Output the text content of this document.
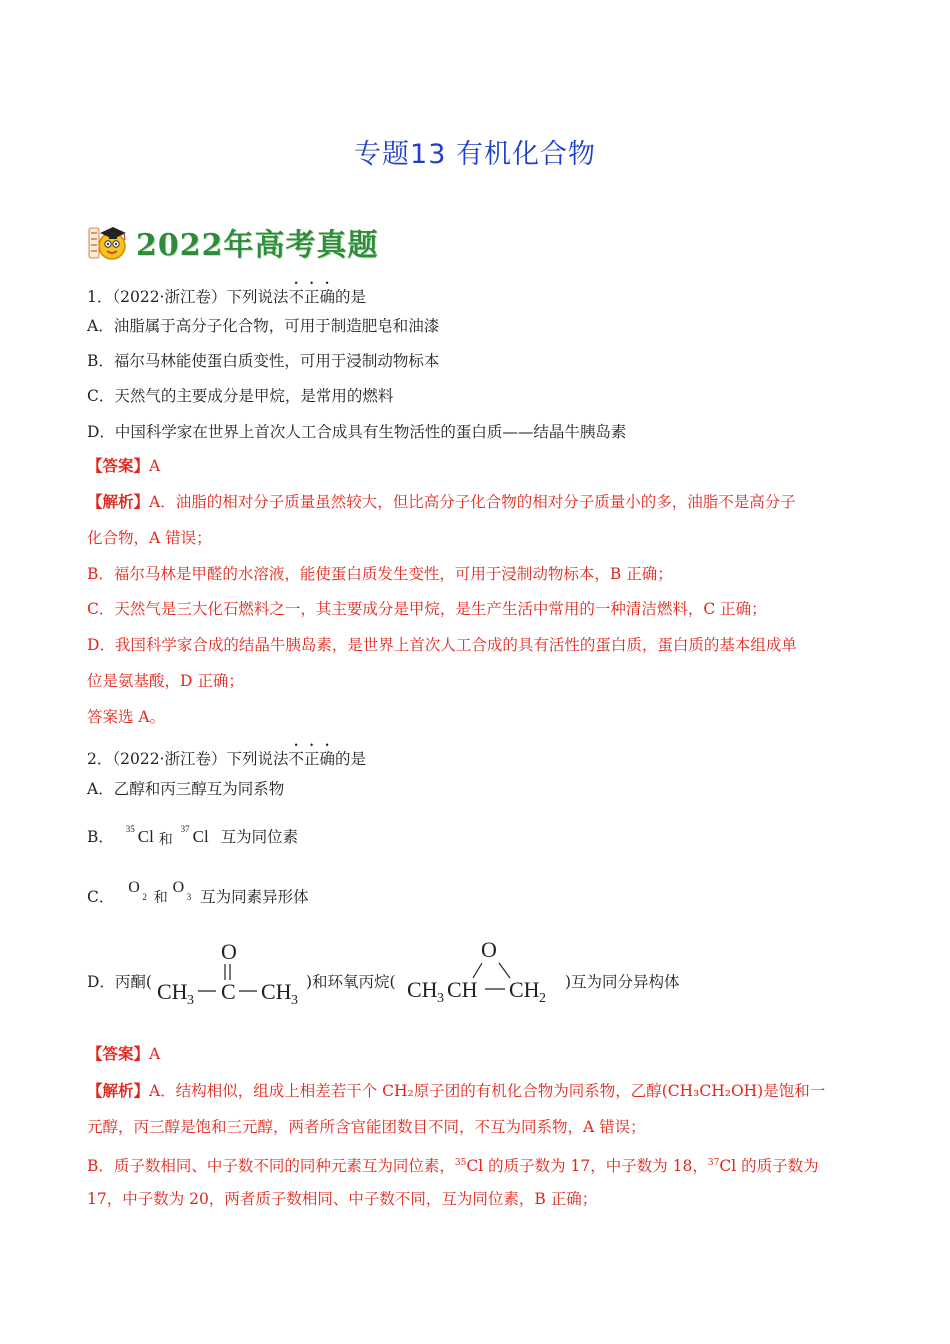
专题13 有机化合物
2022年高考真题
1．（2022·浙江卷）下列说法不正确的是
A．油脂属于高分子化合物，可用于制造肥皂和油漆
B．福尔马林能使蛋白质变性，可用于浸制动物标本
C．天然气的主要成分是甲烷，是常用的燃料
D．中国科学家在世界上首次人工合成具有生物活性的蛋白质——结晶牛胰岛素
【答案】A
【解析】A．油脂的相对分子质量虽然较大，但比高分子化合物的相对分子质量小的多，油脂不是高分子
化合物，A 错误；
B．福尔马林是甲醛的水溶液，能使蛋白质发生变性，可用于浸制动物标本，B 正确；
C．天然气是三大化石燃料之一，其主要成分是甲烷，是生产生活中常用的一种清洁燃料，C 正确；
D．我国科学家合成的结晶牛胰岛素，是世界上首次人工合成的具有活性的蛋白质，蛋白质的基本组成单
位是氨基酸，D 正确；
答案选 A。
2．（2022·浙江卷）下列说法不正确的是
A．乙醇和丙三醇互为同系物
B． 35 Cl 和
37 Cl 互为同位素
C．  O
2 和 O
3 互为同素异形体
D．丙酮(
O
CH 3 C CH 3
)和环氧丙烷(
O
CH 3 CH CH 2
)互为同分异构体
【答案】A
【解析】A．结构相似，组成上相差若干个 CH₂原子团的有机化合物为同系物，乙醇(CH₃CH₂OH)是饱和一
元醇，丙三醇是饱和三元醇，两者所含官能团数目不同，不互为同系物，A 错误；
B．质子数相同、中子数不同的同种元素互为同位素，$^{35}$Cl 的质子数为 17，中子数为 18，$^{37}$Cl 的质子数为
17，中子数为 20，两者质子数相同、中子数不同，互为同位素，B 正确；
